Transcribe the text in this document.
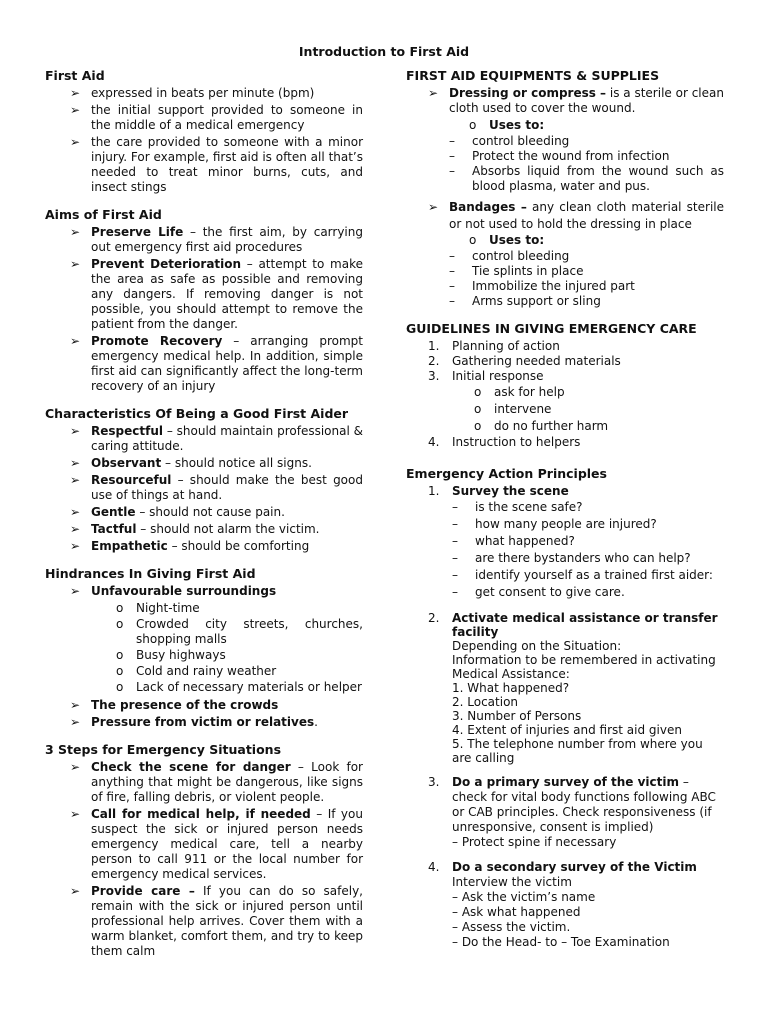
Introduction to First Aid
First Aid
➢ expressed in beats per minute (bpm)
➢ the initial support provided to someone in the middle of a medical emergency
➢ the care provided to someone with a minor injury. For example, first aid is often all that’s needed to treat minor burns, cuts, and insect stings
Aims of First Aid
➢ Preserve Life – the first aim, by carrying out emergency first aid procedures
➢ Prevent Deterioration – attempt to make the area as safe as possible and removing any dangers. If removing danger is not possible, you should attempt to remove the patient from the danger.
➢ Promote Recovery – arranging prompt emergency medical help. In addition, simple first aid can significantly affect the long-term recovery of an injury
Characteristics Of Being a Good First Aider
➢ Respectful – should maintain professional & caring attitude.
➢ Observant – should notice all signs.
➢ Resourceful – should make the best good use of things at hand.
➢ Gentle – should not cause pain.
➢ Tactful – should not alarm the victim.
➢ Empathetic – should be comforting
Hindrances In Giving First Aid
➢ Unfavourable surroundings
o Night-time
o Crowded city streets, churches, shopping malls
o Busy highways
o Cold and rainy weather
o Lack of necessary materials or helper
➢ The presence of the crowds
➢ Pressure from victim or relatives.
3 Steps for Emergency Situations
➢ Check the scene for danger – Look for anything that might be dangerous, like signs of fire, falling debris, or violent people.
➢ Call for medical help, if needed – If you suspect the sick or injured person needs emergency medical care, tell a nearby person to call 911 or the local number for emergency medical services.
➢ Provide care – If you can do so safely, remain with the sick or injured person until professional help arrives. Cover them with a warm blanket, comfort them, and try to keep them calm
FIRST AID EQUIPMENTS & SUPPLIES
➢ Dressing or compress – is a sterile or clean cloth used to cover the wound.
o Uses to:
– control bleeding
– Protect the wound from infection
– Absorbs liquid from the wound such as blood plasma, water and pus.
➢ Bandages – any clean cloth material sterile or not used to hold the dressing in place
o Uses to:
– control bleeding
– Tie splints in place
– Immobilize the injured part
– Arms support or sling
GUIDELINES IN GIVING EMERGENCY CARE
1. Planning of action
2. Gathering needed materials
3. Initial response
o ask for help
o intervene
o do no further harm
4. Instruction to helpers
Emergency Action Principles
1. Survey the scene
– is the scene safe?
– how many people are injured?
– what happened?
– are there bystanders who can help?
– identify yourself as a trained first aider:
– get consent to give care.
2. Activate medical assistance or transfer facility
Depending on the Situation:
Information to be remembered in activating Medical Assistance:
1. What happened?
2. Location
3. Number of Persons
4. Extent of injuries and first aid given
5. The telephone number from where you are calling
3. Do a primary survey of the victim – check for vital body functions following ABC or CAB principles. Check responsiveness (if unresponsive, consent is implied)
– Protect spine if necessary
4. Do a secondary survey of the Victim
Interview the victim
– Ask the victim’s name
– Ask what happened
– Assess the victim.
– Do the Head- to – Toe Examination
